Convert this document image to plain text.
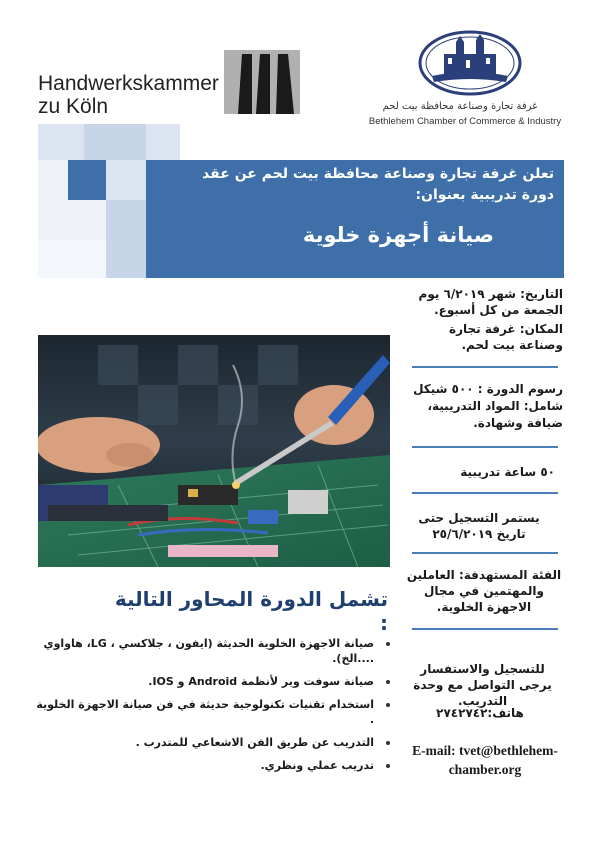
Handwerkskammer
zu Köln	غرفة تجارة وصناعة محافظة بيت لحم
Bethlehem Chamber of Commerce & Industry
تعلن غرفة تجارة وصناعة محافظة بيت لحم عن عقد
دورة تدريبية بعنوان:
صيانة أجهزة خلوية
التاريخ: شهر ٦/٢٠١٩ يوم الجمعة من كل أسبوع.
المكان: غرفة تجارة وصناعة بيت لحم.
رسوم الدورة : ٥٠٠ شيكل شامل: المواد التدريبية، ضيافة وشهادة.
٥٠ ساعة تدريبية
يستمر التسجيل حتى تاريخ ٢٥/٦/٢٠١٩
الفئة المستهدفة: العاملين والمهتمين في مجال الاجهزة الخلوية.
للتسجيل والاستفسار يرجى التواصل مع وحدة التدريب.
هاتف:٢٧٤٢٧٤٢
E-mail: tvet@bethlehem-chamber.org
تشمل الدورة المحاور التالية :
صيانة الاجهزة الخلوية الحديثة (ايفون ، جلاكسي ، LG، هاواوي ....الخ).
صيانة سوفت وير لأنظمة Android و IOS.
استخدام تقنيات تكنولوجية حديثة في فن صيانة الاجهزة الخلوية .
التدريب عن طريق الفن الاشعاعي للمتدرب .
تدريب عملي ونظري.
